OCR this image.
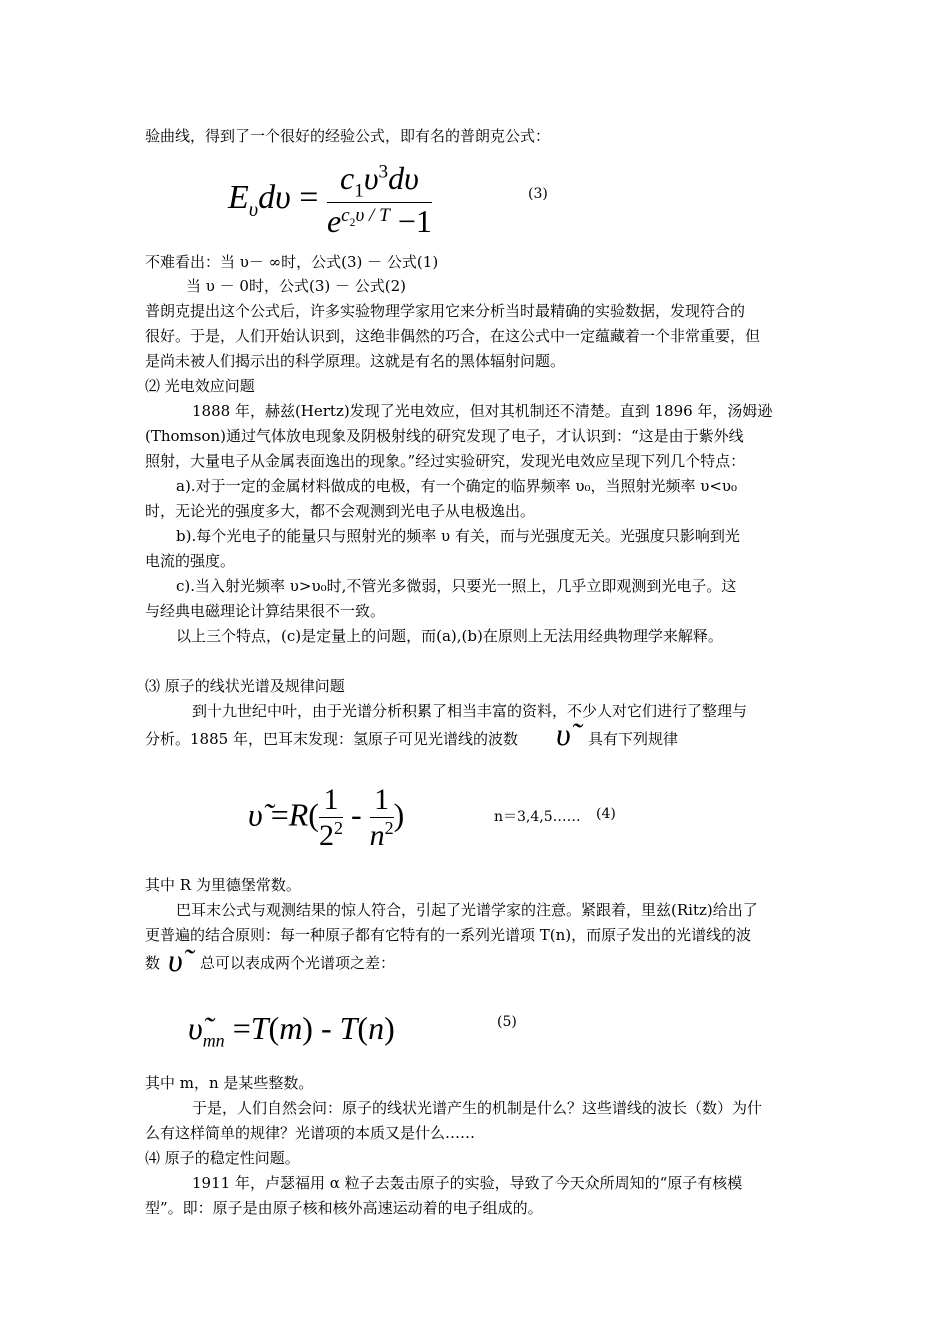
验曲线，得到了一个很好的经验公式，即有名的普朗克公式：
$E_\upsilon d\upsilon = \frac{c_1\upsilon^3d\upsilon}{e^{c_2\upsilon / T} -1}$	(3)
不难看出：当 υ－ ∞时，公式(3) － 公式(1)
当 υ － 0时，公式(3) － 公式(2)
普朗克提出这个公式后，许多实验物理学家用它来分析当时最精确的实验数据，发现符合的
很好。于是，人们开始认识到，这绝非偶然的巧合，在这公式中一定蕴藏着一个非常重要，但
是尚未被人们揭示出的科学原理。这就是有名的黑体辐射问题。
⑵ 光电效应问题
1888 年，赫兹(Hertz)发现了光电效应，但对其机制还不清楚。直到 1896 年，汤姆逊
(Thomson)通过气体放电现象及阴极射线的研究发现了电子，才认识到：“这是由于紫外线
照射，大量电子从金属表面逸出的现象。”经过实验研究，发现光电效应呈现下列几个特点：
a).对于一定的金属材料做成的电极，有一个确定的临界频率 υ₀，当照射光频率 υ<υ₀
时，无论光的强度多大，都不会观测到光电子从电极逸出。
b).每个光电子的能量只与照射光的频率 υ 有关，而与光强度无关。光强度只影响到光
电流的强度。
c).当入射光频率 υ>υ₀时,不管光多微弱，只要光一照上，几乎立即观测到光电子。这
与经典电磁理论计算结果很不一致。
以上三个特点，(c)是定量上的问题，而(a),(b)在原则上无法用经典物理学来解释。
⑶ 原子的线状光谱及规律问题
到十九世纪中叶，由于光谱分析积累了相当丰富的资料，不少人对它们进行了整理与
分析。1885 年，巴耳末发现：氢原子可见光谱线的波数 υ̃ 具有下列规律
υ̃ $=R( \frac{1}{2^2} - \frac{1}{n^2}$ )	n＝3,4,5…… (4)
其中 R 为里德堡常数。
巴耳末公式与观测结果的惊人符合，引起了光谱学家的注意。紧跟着，里兹(Ritz)给出了
更普遍的结合原则：每一种原子都有它特有的一系列光谱项 T(n)，而原子发出的光谱线的波
数 υ̃ 总可以表成两个光谱项之差：
$\upsiloñ_{mn} =T(m) - T(n)$	(5)
其中 m，n 是某些整数。
于是，人们自然会问：原子的线状光谱产生的机制是什么？这些谱线的波长（数）为什
么有这样简单的规律？光谱项的本质又是什么……
⑷ 原子的稳定性问题。
1911 年，卢瑟福用 α 粒子去轰击原子的实验，导致了今天众所周知的“原子有核模
型”。即：原子是由原子核和核外高速运动着的电子组成的。
